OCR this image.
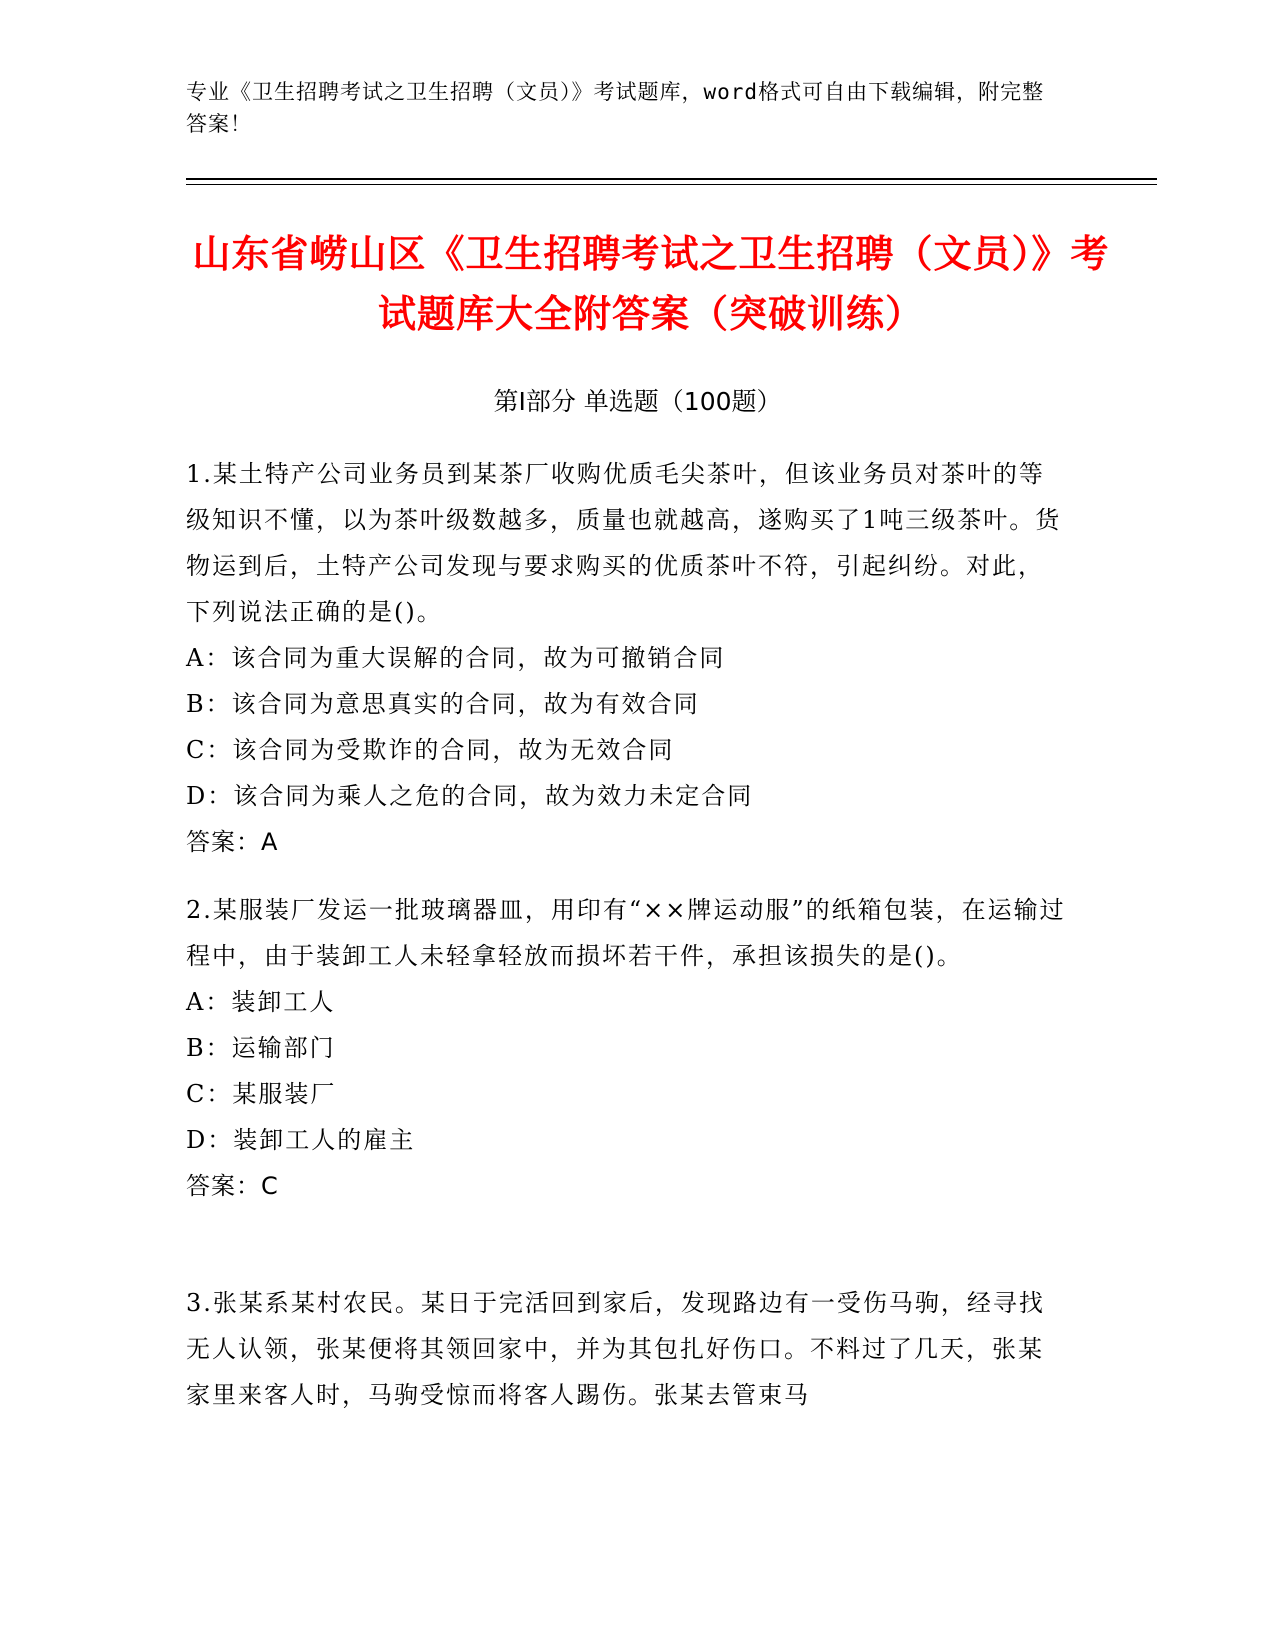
专业《卫生招聘考试之卫生招聘（文员）》考试题库，word格式可自由下载编辑，附完整答案！
山东省崂山区《卫生招聘考试之卫生招聘（文员）》考试题库大全附答案（突破训练）
第Ⅰ部分 单选题（100题）
1.某土特产公司业务员到某茶厂收购优质毛尖茶叶，但该业务员对茶叶的等级知识不懂，以为茶叶级数越多，质量也就越高，遂购买了1吨三级茶叶。货物运到后，土特产公司发现与要求购买的优质茶叶不符，引起纠纷。对此，下列说法正确的是()。
A：该合同为重大误解的合同，故为可撤销合同
B：该合同为意思真实的合同，故为有效合同
C：该合同为受欺诈的合同，故为无效合同
D：该合同为乘人之危的合同，故为效力未定合同
答案：A
2.某服装厂发运一批玻璃器皿，用印有“××牌运动服”的纸箱包装，在运输过程中，由于装卸工人未轻拿轻放而损坏若干件，承担该损失的是()。
A：装卸工人
B：运输部门
C：某服装厂
D：装卸工人的雇主
答案：C
3.张某系某村农民。某日于完活回到家后，发现路边有一受伤马驹，经寻找无人认领，张某便将其领回家中，并为其包扎好伤口。不料过了几天，张某家里来客人时，马驹受惊而将客人踢伤。张某去管束马
